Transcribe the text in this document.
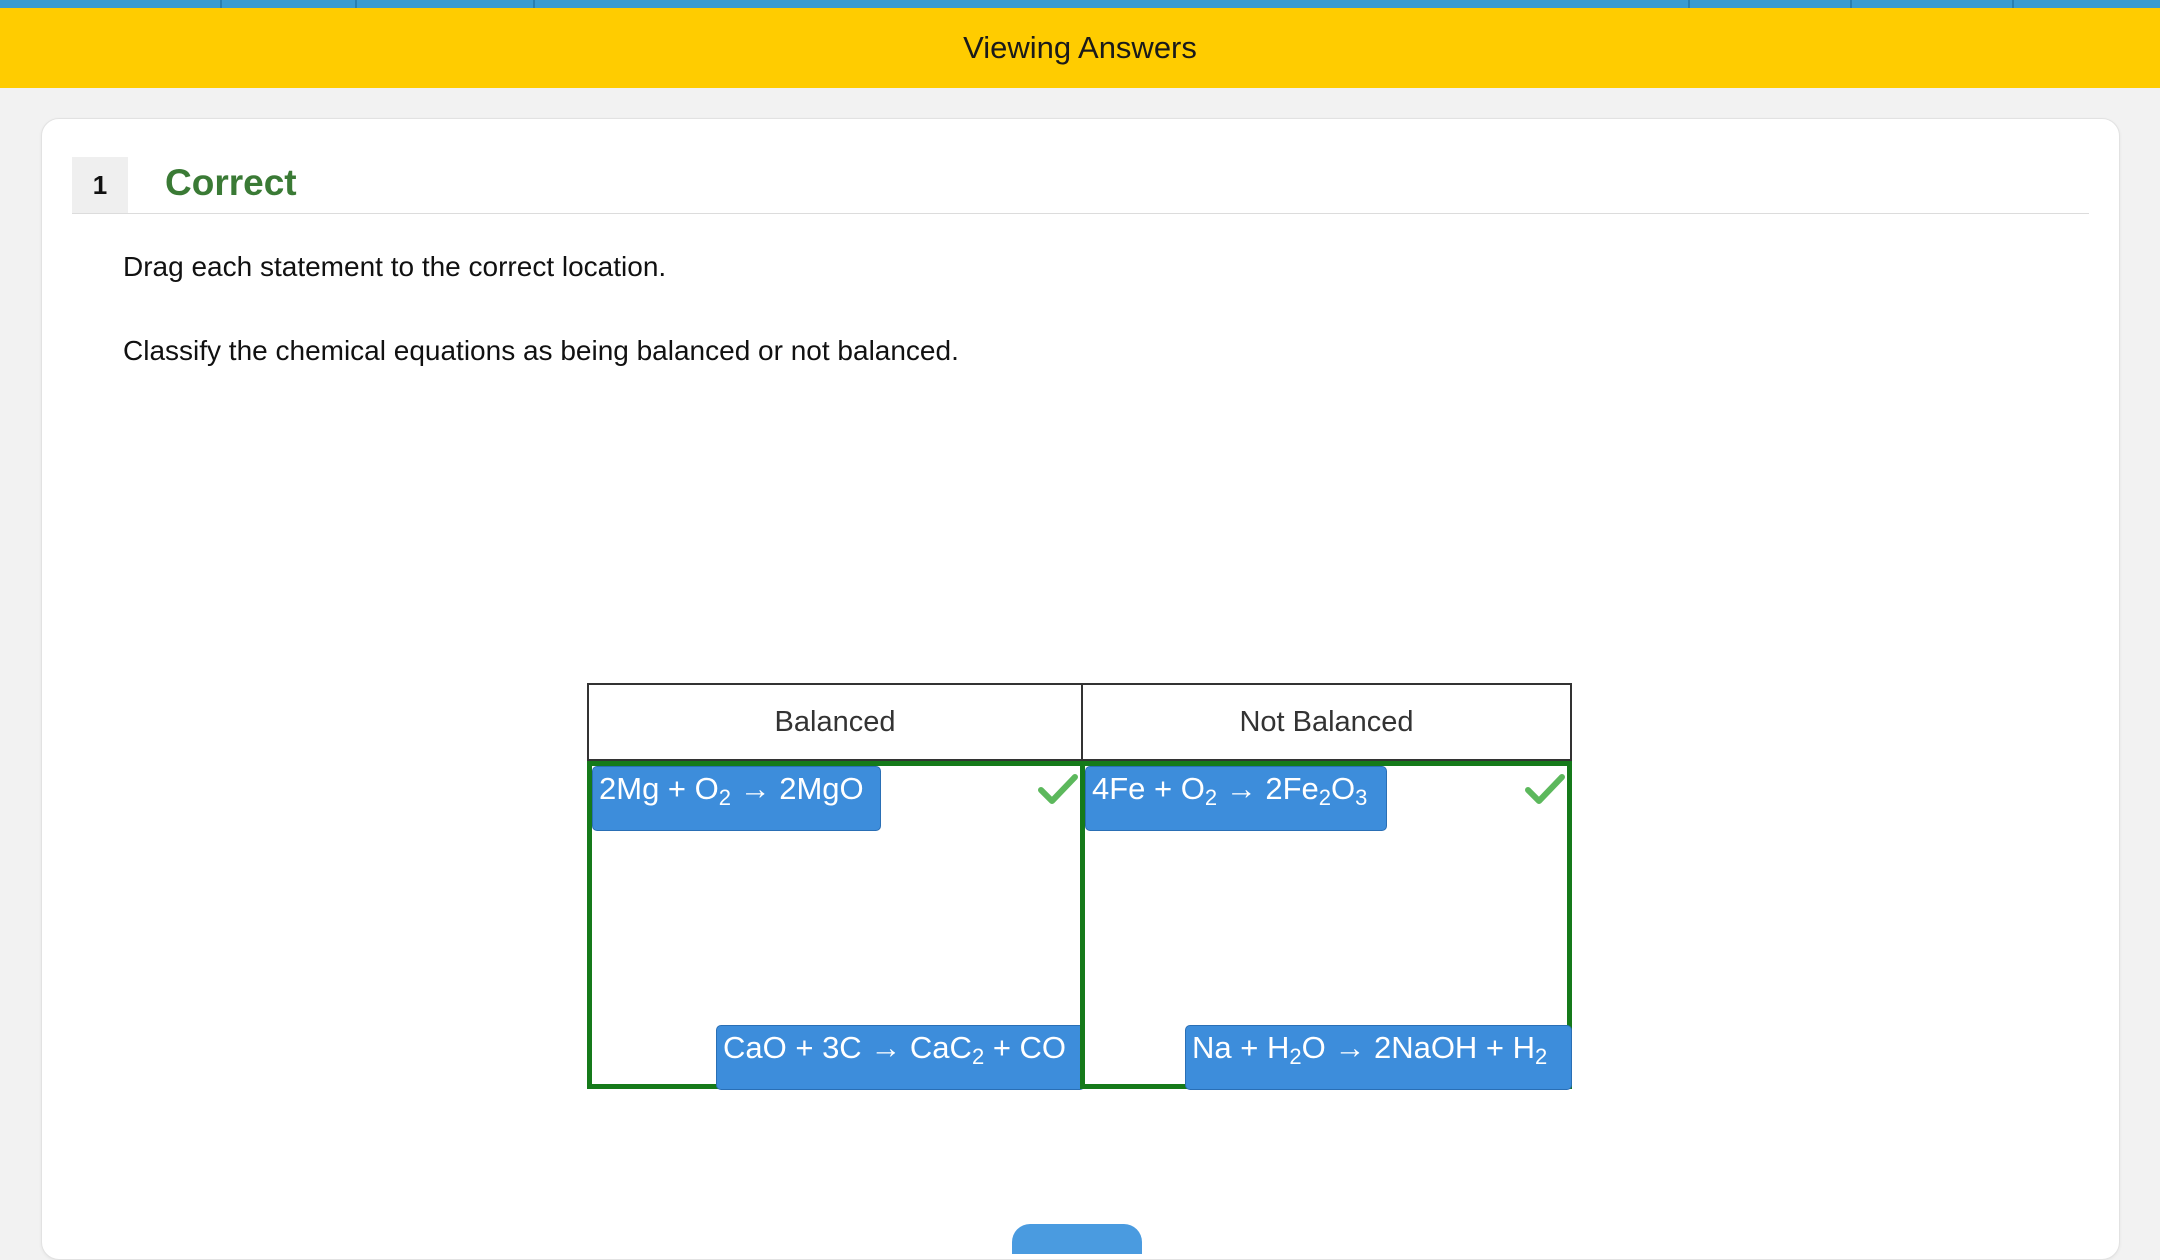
Viewing Answers
1	Correct
Drag each statement to the correct location.
Classify the chemical equations as being balanced or not balanced.
Balanced	Not Balanced
$2Mg + O_2 \to 2MgO$
CaO + 3C → CaC$_2$ + CO
$4Fe + O_2 \to 2Fe_2O_3$
$Na + H_2O$ → 2NaOH + $H_2$
